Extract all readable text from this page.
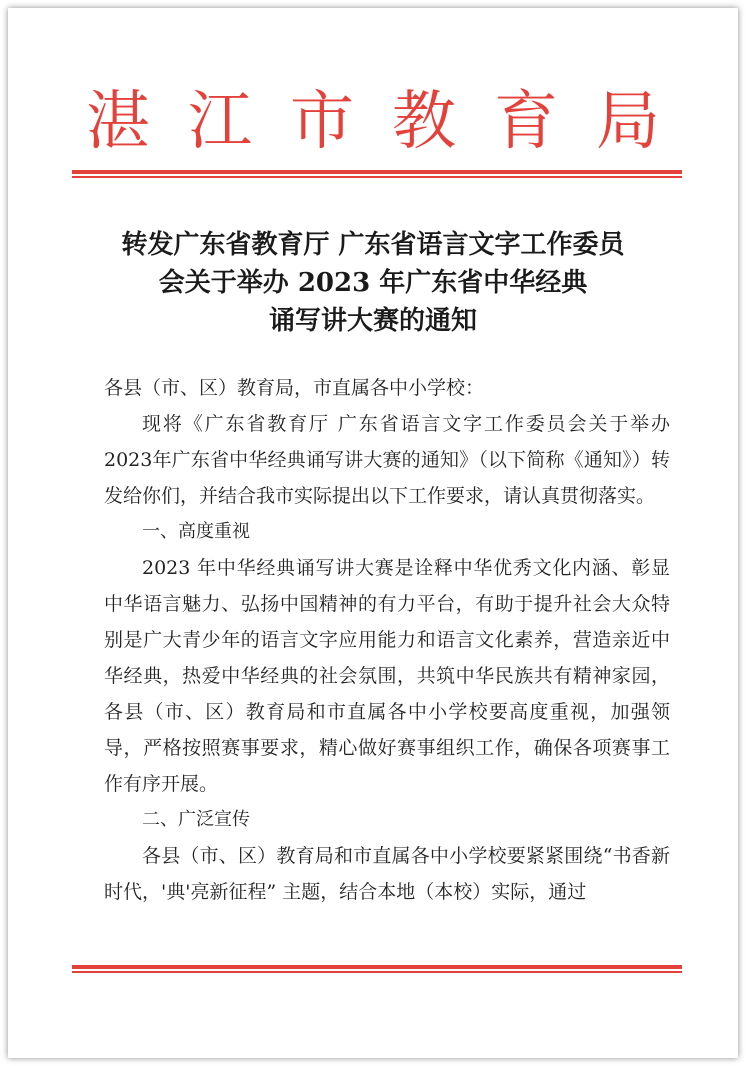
湛江市教育局
转发广东省教育厅 广东省语言文字工作委员
会关于举办 2023 年广东省中华经典
诵写讲大赛的通知

各县（市、区）教育局，市直属各中小学校：

现将《广东省教育厅 广东省语言文字工作委员会关于举办2023年广东省中华经典诵写讲大赛的通知》（以下简称《通知》）转发给你们，并结合我市实际提出以下工作要求，请认真贯彻落实。

一、高度重视

2023 年中华经典诵写讲大赛是诠释中华优秀文化内涵、彰显中华语言魅力、弘扬中国精神的有力平台，有助于提升社会大众特别是广大青少年的语言文字应用能力和语言文化素养，营造亲近中华经典，热爱中华经典的社会氛围，共筑中华民族共有精神家园，各县（市、区）教育局和市直属各中小学校要高度重视，加强领导，严格按照赛事要求，精心做好赛事组织工作，确保各项赛事工作有序开展。

二、广泛宣传

各县（市、区）教育局和市直属各中小学校要紧紧围绕“书香新时代，'典'亮新征程” 主题，结合本地（本校）实际，通过
